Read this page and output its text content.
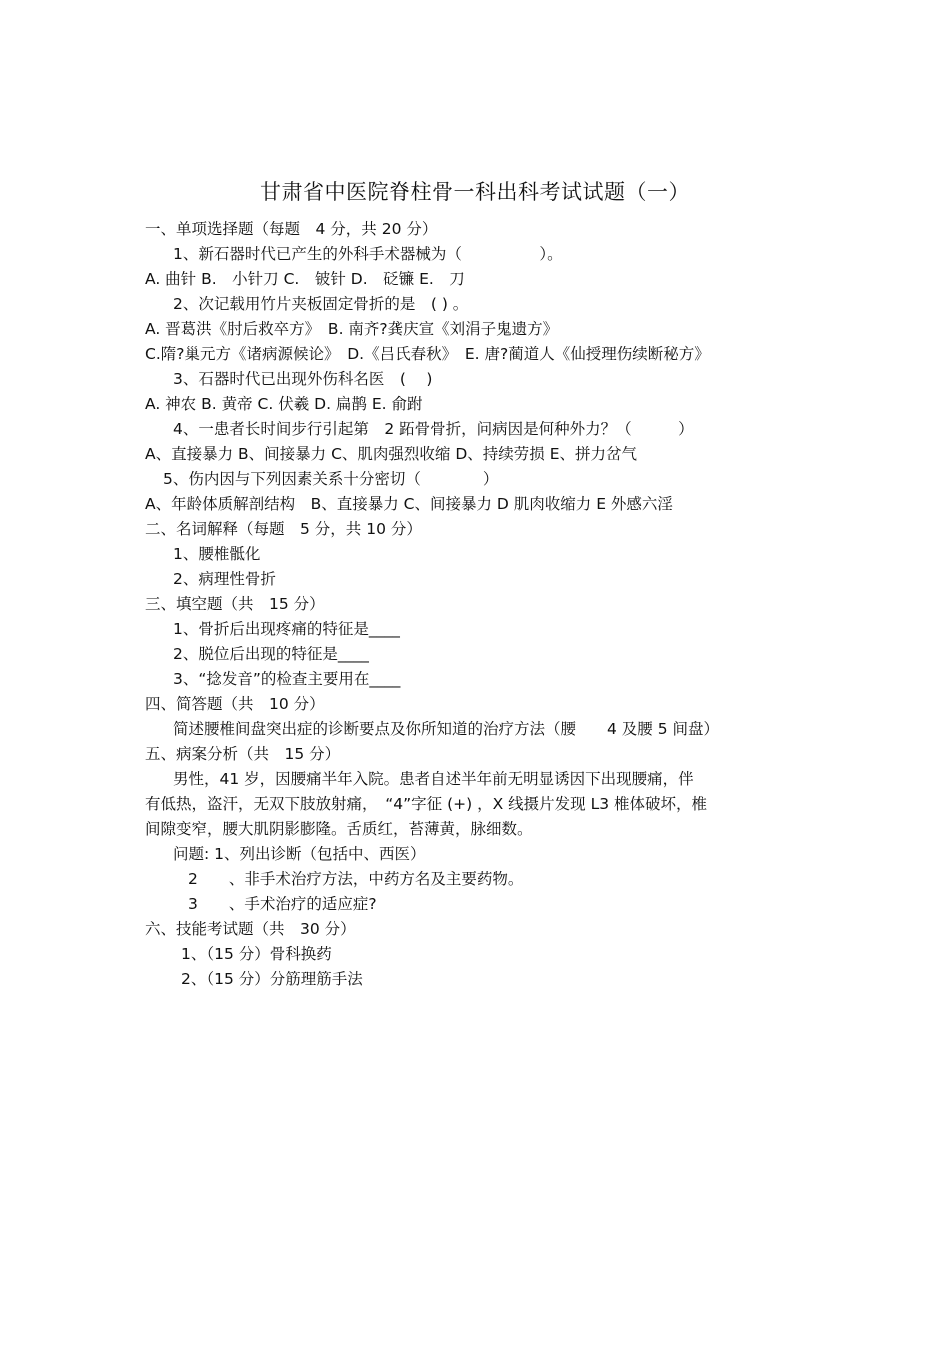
甘肃省中医院脊柱骨一科出科考试试题（一）
一、单项选择题（每题　4 分，共 20 分）
1、新石器时代已产生的外科手术器械为（　　　　　）。
A. 曲针 B.　小针刀 C.　铍针 D.　砭镰 E.　刀
2、次记载用竹片夹板固定骨折的是　( ) 。
A. 晋葛洪《肘后救卒方》　B. 南齐?龚庆宣《刘涓子鬼遗方》
C.隋?巢元方《诸病源候论》　D.《吕氏春秋》　E. 唐?蔺道人《仙授理伤续断秘方》
3、石器时代已出现外伤科名医　(　 )
A. 神农 B. 黄帝 C. 伏羲 D. 扁鹊 E. 俞跗
4、一患者长时间步行引起第　2 跖骨骨折，问病因是何种外力？（　　　）
A、直接暴力 B、间接暴力 C、肌肉强烈收缩 D、持续劳损 E、拼力岔气
5、伤内因与下列因素关系十分密切（　　　　）
A、年龄体质解剖结构　B、直接暴力 C、间接暴力 D 肌肉收缩力 E 外感六淫
二、名词解释（每题　5 分，共 10 分）
1、腰椎骶化
2、病理性骨折
三、填空题（共　15 分）
1、骨折后出现疼痛的特征是____
2、脱位后出现的特征是____
3、“捻发音”的检查主要用在____
四、简答题（共　10 分）
简述腰椎间盘突出症的诊断要点及你所知道的治疗方法（腰　　4 及腰 5 间盘）
五、病案分析（共　15 分）
男性，41 岁，因腰痛半年入院。患者自述半年前无明显诱因下出现腰痛，伴
有低热，盗汗，无双下肢放射痛，　“4”字征 (+) ，X 线摄片发现 L3 椎体破坏，椎
间隙变窄，腰大肌阴影膨隆。舌质红，苔薄黄，脉细数。
问题: 1、列出诊断（包括中、西医）
2　　、非手术治疗方法，中药方名及主要药物。
3　　、手术治疗的适应症?
六、技能考试题（共　30 分）
1、（15 分）骨科换药
2、（15 分）分筋理筋手法
